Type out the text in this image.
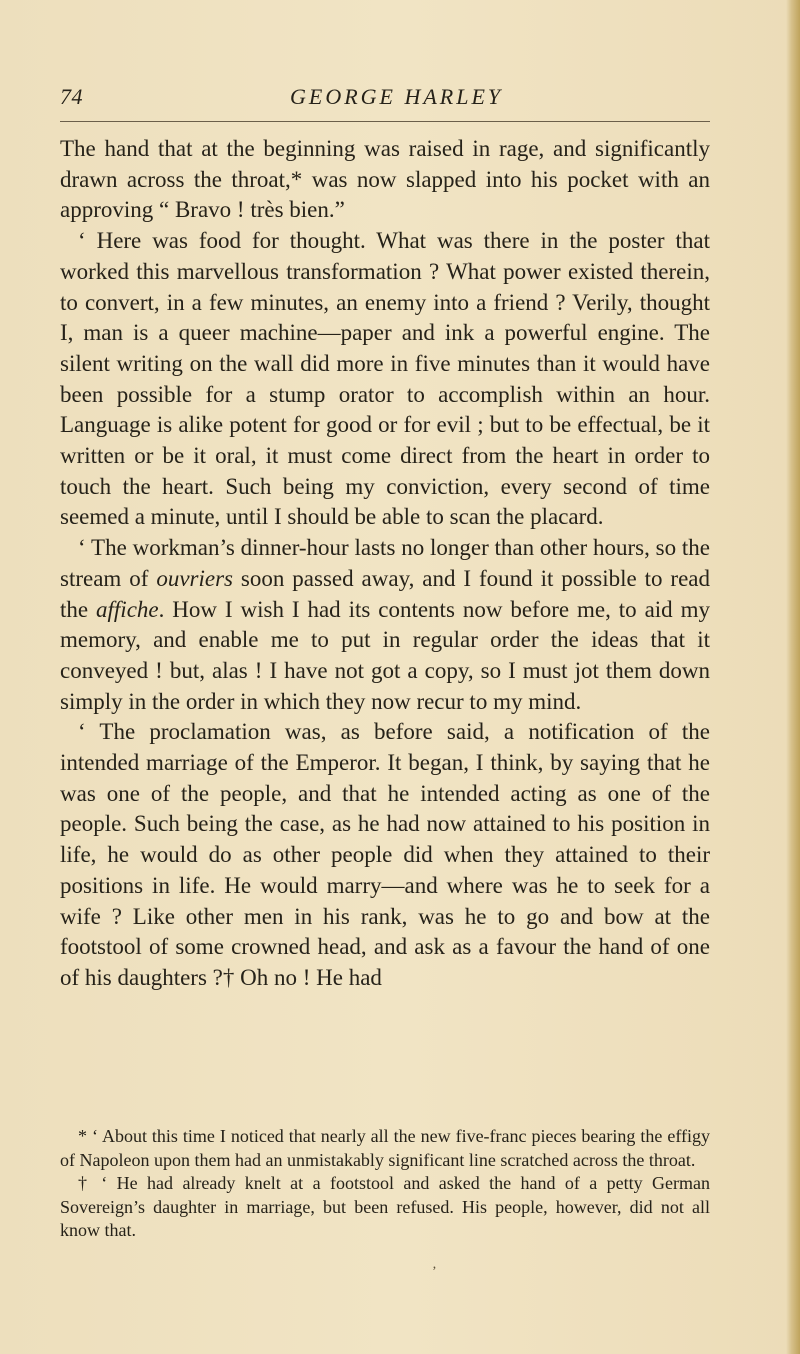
74	GEORGE HARLEY

The hand that at the beginning was raised in rage, and significantly drawn across the throat,* was now slapped into his pocket with an approving “ Bravo ! très bien.”

‘ Here was food for thought. What was there in the poster that worked this marvellous transformation ? What power existed therein, to convert, in a few minutes, an enemy into a friend ? Verily, thought I, man is a queer machine—paper and ink a powerful engine. The silent writing on the wall did more in five minutes than it would have been possible for a stump orator to accomplish within an hour. Language is alike potent for good or for evil ; but to be effectual, be it written or be it oral, it must come direct from the heart in order to touch the heart. Such being my conviction, every second of time seemed a minute, until I should be able to scan the placard.

‘ The workman’s dinner-hour lasts no longer than other hours, so the stream of ouvriers soon passed away, and I found it possible to read the affiche. How I wish I had its contents now before me, to aid my memory, and enable me to put in regular order the ideas that it conveyed ! but, alas ! I have not got a copy, so I must jot them down simply in the order in which they now recur to my mind.

‘ The proclamation was, as before said, a notification of the intended marriage of the Emperor. It began, I think, by saying that he was one of the people, and that he intended acting as one of the people. Such being the case, as he had now attained to his position in life, he would do as other people did when they attained to their positions in life. He would marry—and where was he to seek for a wife ? Like other men in his rank, was he to go and bow at the footstool of some crowned head, and ask as a favour the hand of one of his daughters ?† Oh no ! He had

* ‘ About this time I noticed that nearly all the new five-franc pieces bearing the effigy of Napoleon upon them had an unmistakably significant line scratched across the throat.

† ‘ He had already knelt at a footstool and asked the hand of a petty German Sovereign’s daughter in marriage, but been refused. His people, however, did not all know that.

‚
